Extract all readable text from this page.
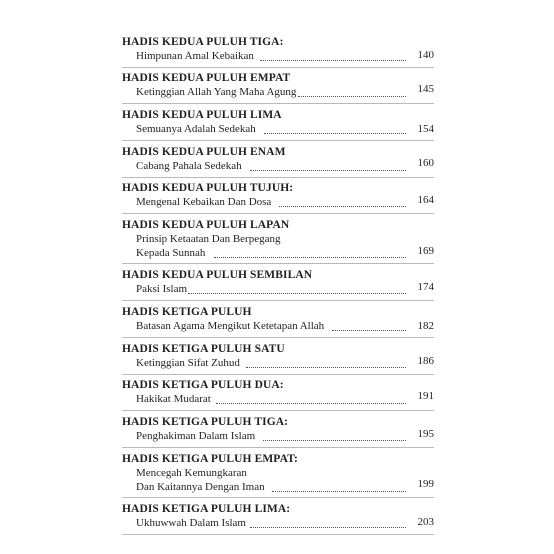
HADIS KEDUA PULUH TIGA:
Himpunan Amal Kebaikan	140
HADIS KEDUA PULUH EMPAT
Ketinggian Allah Yang Maha Agung	145
HADIS KEDUA PULUH LIMA
Semuanya Adalah Sedekah	154
HADIS KEDUA PULUH ENAM
Cabang Pahala Sedekah	160
HADIS KEDUA PULUH TUJUH:
Mengenal Kebaikan Dan Dosa	164
HADIS KEDUA PULUH LAPAN
Prinsip Ketaatan Dan Berpegang
Kepada Sunnah	169
HADIS KEDUA PULUH SEMBILAN
Paksi Islam	174
HADIS KETIGA PULUH
Batasan Agama Mengikut Ketetapan Allah	182
HADIS KETIGA PULUH SATU
Ketinggian Sifat Zuhud	186
HADIS KETIGA PULUH DUA:
Hakikat Mudarat	191
HADIS KETIGA PULUH TIGA:
Penghakiman Dalam Islam	195
HADIS KETIGA PULUH EMPAT:
Mencegah Kemungkaran
Dan Kaitannya Dengan Iman	199
HADIS KETIGA PULUH LIMA:
Ukhuwwah Dalam Islam	203
